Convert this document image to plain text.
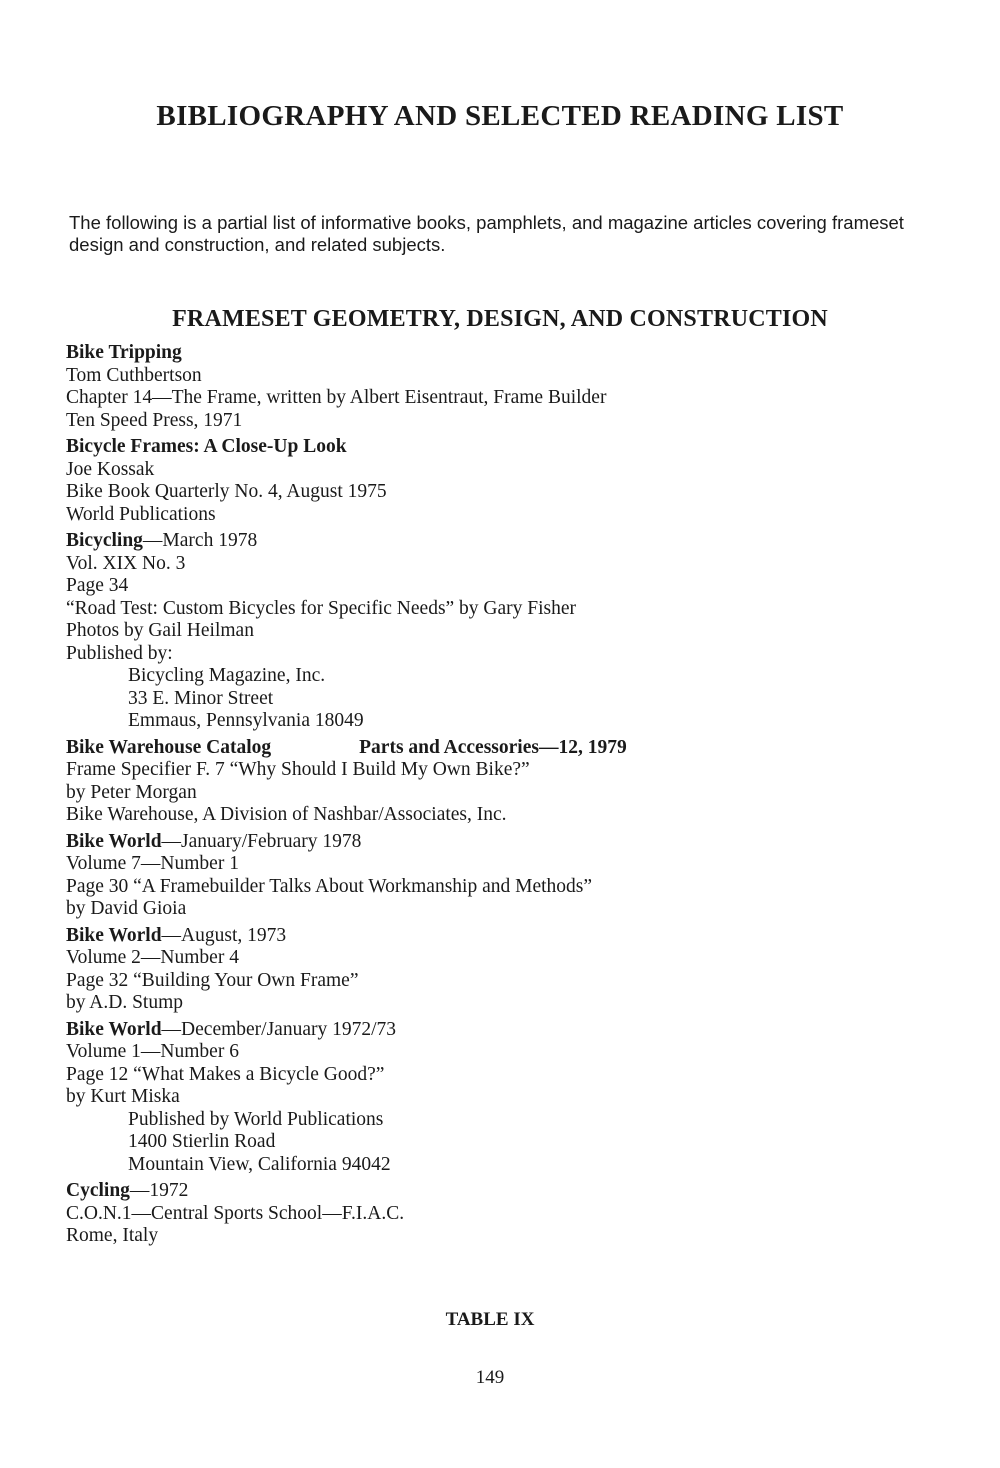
BIBLIOGRAPHY AND SELECTED READING LIST
The following is a partial list of informative books, pamphlets, and magazine articles covering frameset design and construction, and related subjects.
FRAMESET GEOMETRY, DESIGN, AND CONSTRUCTION
Bike Tripping
Tom Cuthbertson
Chapter 14—The Frame, written by Albert Eisentraut, Frame Builder
Ten Speed Press, 1971
Bicycle Frames: A Close-Up Look
Joe Kossak
Bike Book Quarterly No. 4, August 1975
World Publications
Bicycling—March 1978
Vol. XIX No. 3
Page 34
“Road Test: Custom Bicycles for Specific Needs” by Gary Fisher
Photos by Gail Heilman
Published by:
Bicycling Magazine, Inc.
33 E. Minor Street
Emmaus, Pennsylvania 18049
Bike Warehouse Catalog	Parts and Accessories—12, 1979
Frame Specifier F. 7 “Why Should I Build My Own Bike?”
by Peter Morgan
Bike Warehouse, A Division of Nashbar/Associates, Inc.
Bike World—January/February 1978
Volume 7—Number 1
Page 30 “A Framebuilder Talks About Workmanship and Methods”
by David Gioia
Bike World—August, 1973
Volume 2—Number 4
Page 32 “Building Your Own Frame”
by A.D. Stump
Bike World—December/January 1972/73
Volume 1—Number 6
Page 12 “What Makes a Bicycle Good?”
by Kurt Miska
Published by World Publications
1400 Stierlin Road
Mountain View, California 94042
Cycling—1972
C.O.N.1—Central Sports School—F.I.A.C.
Rome, Italy
TABLE IX
149
